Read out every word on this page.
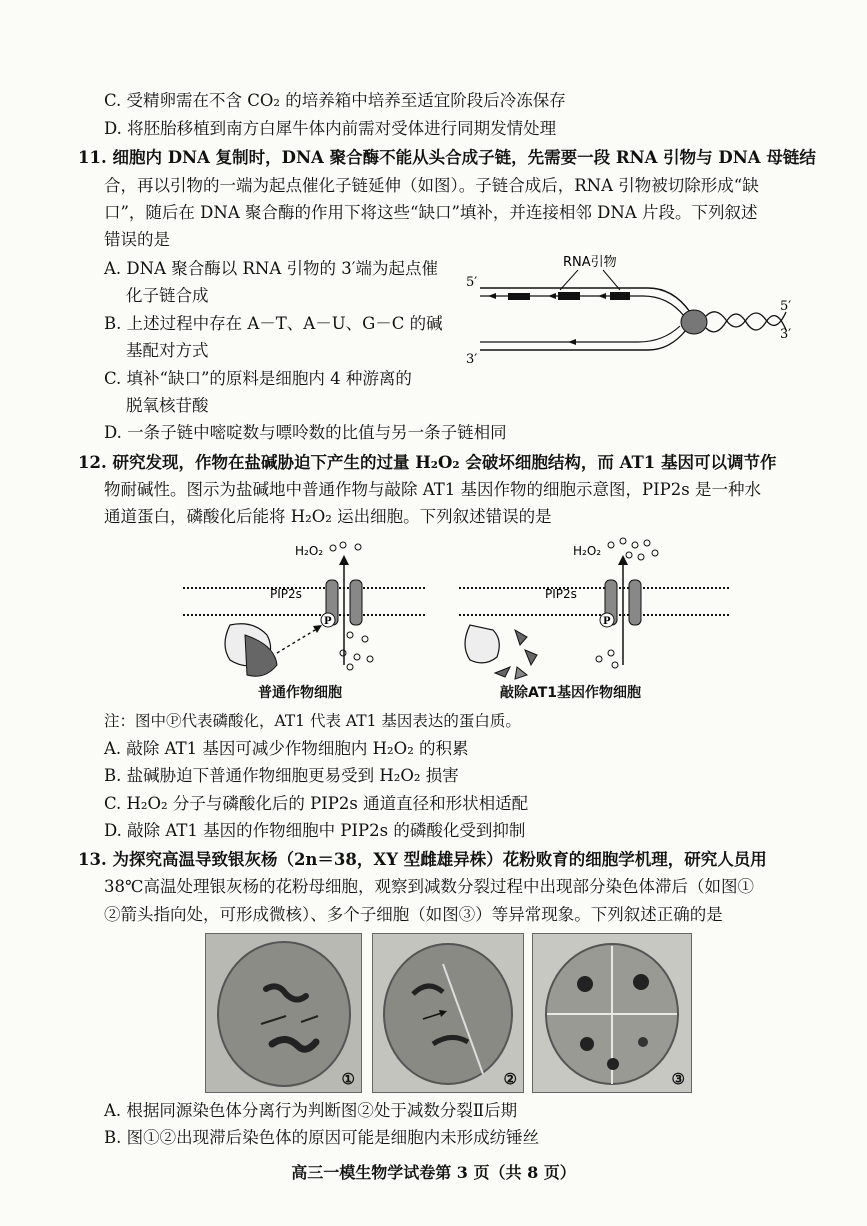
C. 受精卵需在不含 CO₂ 的培养箱中培养至适宜阶段后冷冻保存
D. 将胚胎移植到南方白犀牛体内前需对受体进行同期发情处理
11. 细胞内 DNA 复制时，DNA 聚合酶不能从头合成子链，先需要一段 RNA 引物与 DNA 母链结
合，再以引物的一端为起点催化子链延伸（如图）。子链合成后，RNA 引物被切除形成“缺
口”，随后在 DNA 聚合酶的作用下将这些“缺口”填补，并连接相邻 DNA 片段。下列叙述
错误的是
A. DNA 聚合酶以 RNA 引物的 3′端为起点催
化子链合成
B. 上述过程中存在 A－T、A－U、G－C 的碱
基配对方式
C. 填补“缺口”的原料是细胞内 4 种游离的
脱氧核苷酸
D. 一条子链中嘧啶数与嘌呤数的比值与另一条子链相同
RNA引物
5′
3′
5′
3′
12. 研究发现，作物在盐碱胁迫下产生的过量 H₂O₂ 会破坏细胞结构，而 AT1 基因可以调节作
物耐碱性。图示为盐碱地中普通作物与敲除 AT1 基因作物的细胞示意图，PIP2s 是一种水
通道蛋白，磷酸化后能将 H₂O₂ 运出细胞。下列叙述错误的是
H₂O₂
PIP2s
P
H₂O₂
PIP2s
P
普通作物细胞	敲除AT1基因作物细胞
注：图中Ⓟ代表磷酸化，AT1 代表 AT1 基因表达的蛋白质。
A. 敲除 AT1 基因可减少作物细胞内 H₂O₂ 的积累
B. 盐碱胁迫下普通作物细胞更易受到 H₂O₂ 损害
C. H₂O₂ 分子与磷酸化后的 PIP2s 通道直径和形状相适配
D. 敲除 AT1 基因的作物细胞中 PIP2s 的磷酸化受到抑制
13. 为探究高温导致银灰杨（2n＝38，XY 型雌雄异株）花粉败育的细胞学机理，研究人员用
38℃高温处理银灰杨的花粉母细胞，观察到减数分裂过程中出现部分染色体滞后（如图①
②箭头指向处，可形成微核）、多个子细胞（如图③）等异常现象。下列叙述正确的是
①	②	③
A. 根据同源染色体分离行为判断图②处于减数分裂Ⅱ后期
B. 图①②出现滞后染色体的原因可能是细胞内未形成纺锤丝
高三一模生物学试卷第 3 页（共 8 页）
